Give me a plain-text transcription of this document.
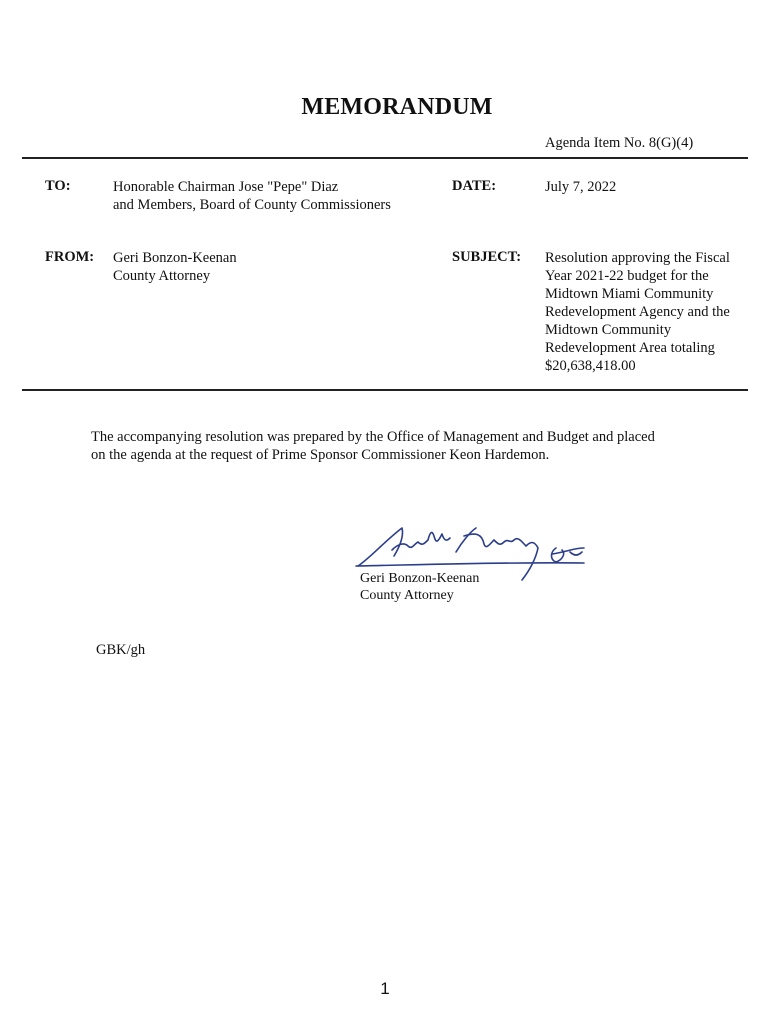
MEMORANDUM
Agenda Item No. 8(G)(4)
TO:	Honorable Chairman Jose "Pepe" Diaz
and Members, Board of County Commissioners
DATE:	July 7, 2022
FROM: Geri Bonzon-Keenan
County Attorney
SUBJECT: Resolution approving the Fiscal
Year 2021-22 budget for the
Midtown Miami Community
Redevelopment Agency and the
Midtown Community
Redevelopment Area totaling
$20,638,418.00
The accompanying resolution was prepared by the Office of Management and Budget and placed
on the agenda at the request of Prime Sponsor Commissioner Keon Hardemon.
Geri Bonzon-Keenan
County Attorney
GBK/gh
1
